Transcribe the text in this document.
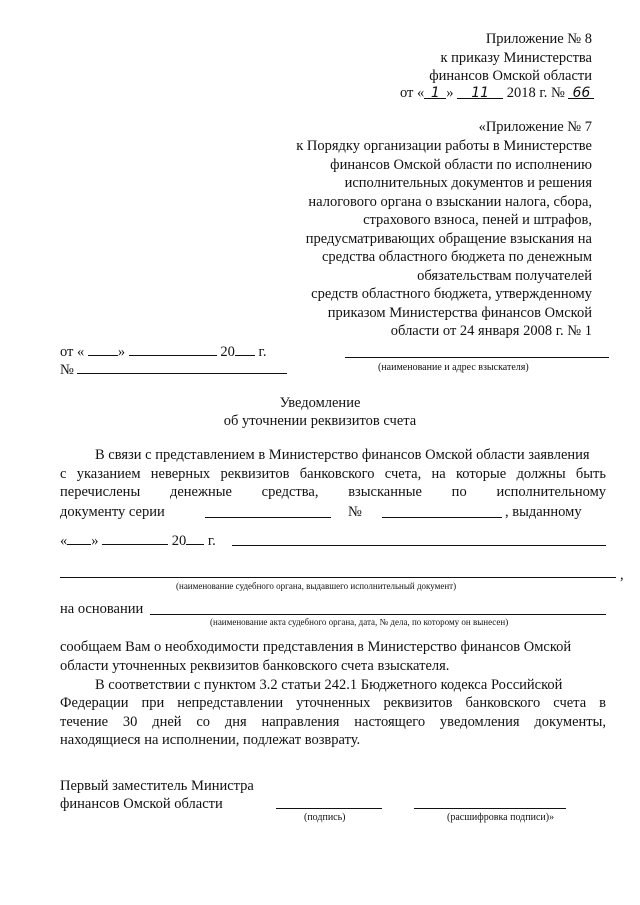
Приложение № 8
к приказу Министерства
финансов Омской области
от « 1 » 11 2018 г. № 66
«Приложение № 7
к Порядку организации работы в Министерстве
финансов Омской области по исполнению
исполнительных документов и решения
налогового органа о взыскании налога, сбора,
страхового взноса, пеней и штрафов,
предусматривающих обращение взыскания на
средства областного бюджета по денежным
обязательствам получателей
средств областного бюджета, утвержденному
приказом Министерства финансов Омской
области от 24 января 2008 г. № 1
от « »	20 г.
№	(наименование и адрес взыскателя)
Уведомление
об уточнении реквизитов счета
В связи с представлением в Министерство финансов Омской области заявления
с указанием неверных реквизитов банковского счета, на которые должны быть
перечислены денежные средства, взысканные по исполнительному
документу серии	№	, выданному
« »	20 г.
,
(наименование судебного органа, выдавшего исполнительный документ)
на основании
(наименование акта судебного органа, дата, № дела, по которому он вынесен)
сообщаем Вам о необходимости представления в Министерство финансов Омской
области уточненных реквизитов банковского счета взыскателя.
В соответствии с пунктом 3.2 статьи 242.1 Бюджетного кодекса Российской
Федерации при непредставлении уточненных реквизитов банковского счета в
течение 30 дней со дня направления настоящего уведомления документы,
находящиеся на исполнении, подлежат возврату.
Первый заместитель Министра
финансов Омской области
(подпись)	(расшифровка подписи)»
